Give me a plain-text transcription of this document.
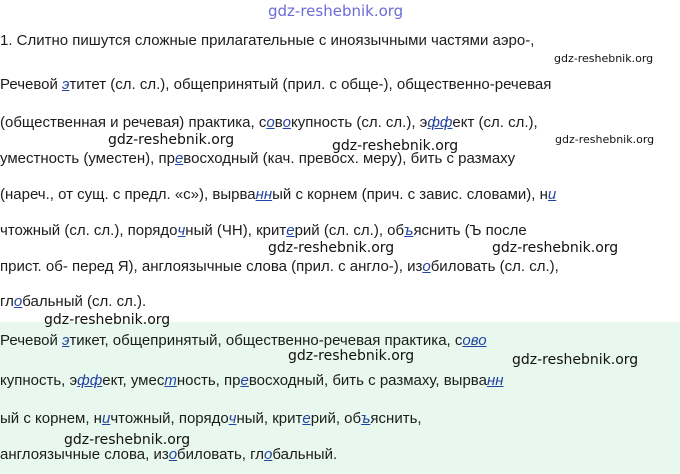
gdz-reshebnik.org
1. Слитно пишутся сложные прилагательные с иноязычными частями аэро-,
Речевой этитет (сл. сл.), общепринятый (прил. с обще-), общественно-речевая
(общественная и речевая) практика, совокупность (сл. сл.), эффект (сл. сл.),
уместность (уместен), превосходный (кач. превосх. меру), бить с размаху
(нареч., от сущ. с предл. «с»), вырванный с корнем (прич. с завис. словами), ни
чтожный (сл. сл.), порядочный (ЧН), критерий (сл. сл.), объяснить (Ъ после
прист. об- перед Я), англоязычные слова (прил. с англо-), изобиловать (сл. сл.),
глобальный (сл. сл.).
Речевой этикет, общепринятый, общественно-речевая практика, сово
купность, эффект, уместность, превосходный, бить с размаху, вырванн
ый с корнем, ничтожный, порядочный, критерий, объяснить,
англоязычные слова, изобиловать, глобальный.
gdz-reshebnik.org
gdz-reshebnik.org
gdz-reshebnik.org	gdz-reshebnik.org
gdz-reshebnik.org	gdz-reshebnik.org
gdz-reshebnik.org
gdz-reshebnik.org	gdz-reshebnik.org
gdz-reshebnik.org
